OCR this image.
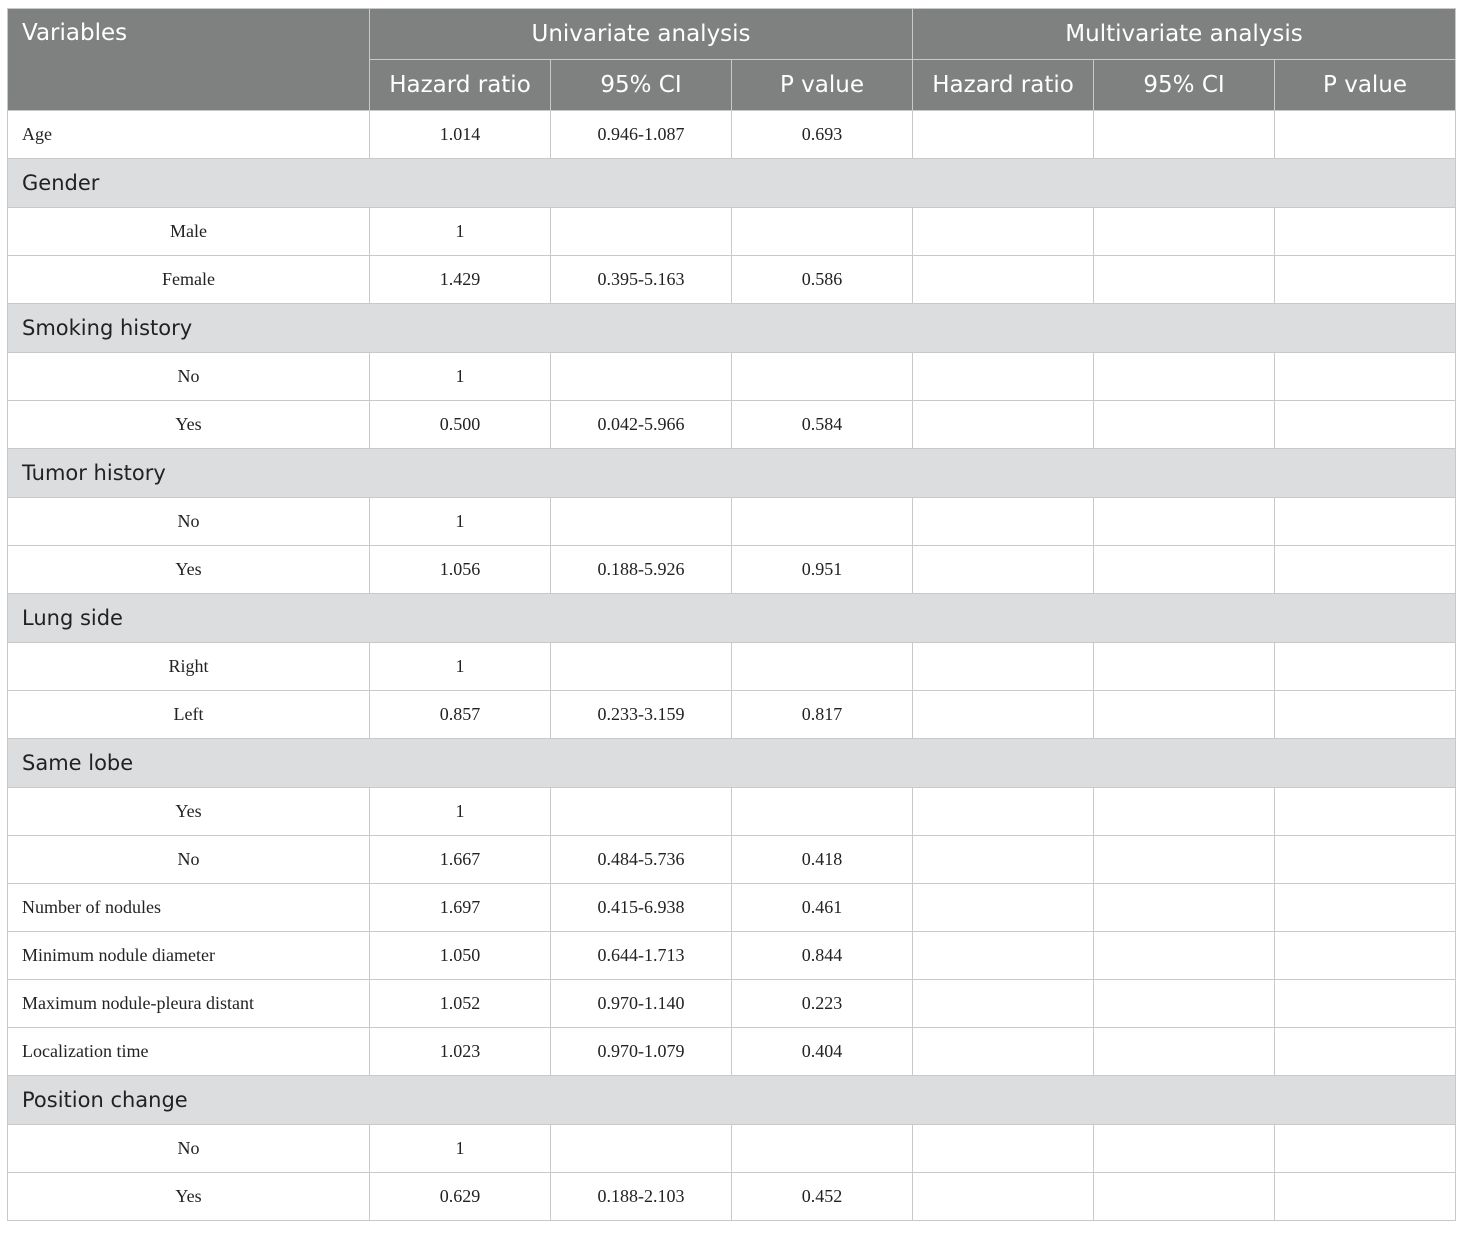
Variables	Univariate analysis			Multivariate analysis		
	Hazard ratio	95% CI	P value	Hazard ratio	95% CI	P value
Age	1.014	0.946-1.087	0.693			
Gender						
Male	1					
Female	1.429	0.395-5.163	0.586			
Smoking history						
No	1					
Yes	0.500	0.042-5.966	0.584			
Tumor history						
No	1					
Yes	1.056	0.188-5.926	0.951			
Lung side						
Right	1					
Left	0.857	0.233-3.159	0.817			
Same lobe						
Yes	1					
No	1.667	0.484-5.736	0.418			
Number of nodules	1.697	0.415-6.938	0.461			
Minimum nodule diameter	1.050	0.644-1.713	0.844			
Maximum nodule-pleura distant	1.052	0.970-1.140	0.223			
Localization time	1.023	0.970-1.079	0.404			
Position change						
No	1					
Yes	0.629	0.188-2.103	0.452			
